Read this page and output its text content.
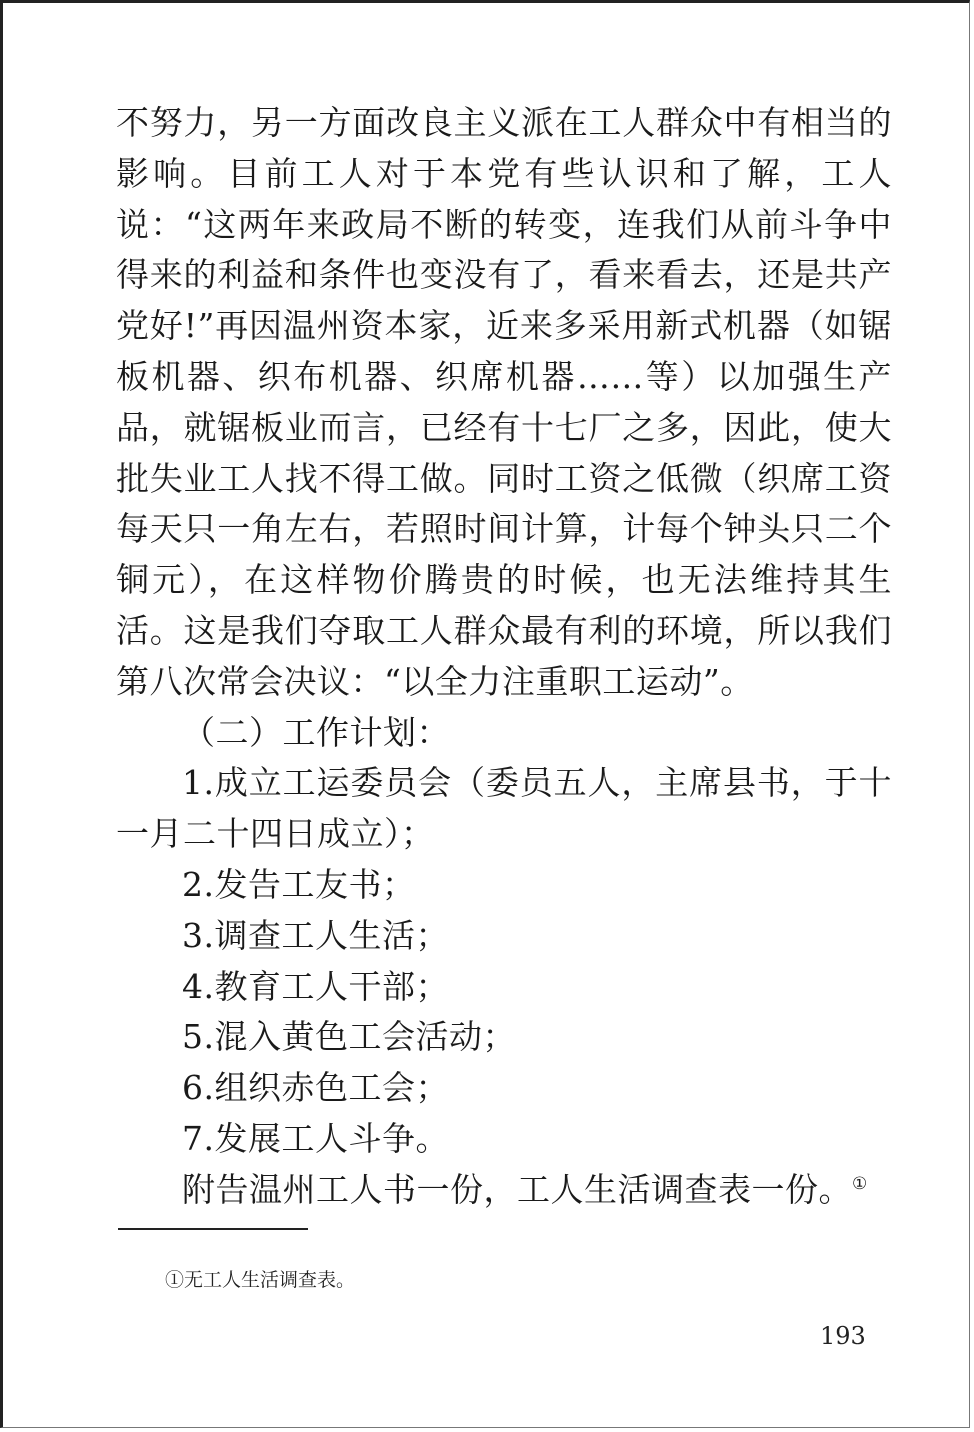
不努力，另一方面改良主义派在工人群众中有相当的影响。目前工人对于本党有些认识和了解，工人说：“这两年来政局不断的转变，连我们从前斗争中得来的利益和条件也变没有了，看来看去，还是共产党好!”再因温州资本家，近来多采用新式机器（如锯板机器、织布机器、织席机器……等）以加强生产品，就锯板业而言，已经有十七厂之多，因此，使大批失业工人找不得工做。同时工资之低微（织席工资每天只一角左右，若照时间计算，计每个钟头只二个铜元），在这样物价腾贵的时候，也无法维持其生活。这是我们夺取工人群众最有利的环境，所以我们第八次常会决议：“以全力注重职工运动”。

（二）工作计划：

1.成立工运委员会（委员五人，主席县书，于十一月二十四日成立）；

2.发告工友书；
3.调查工人生活；
4.教育工人干部；
5.混入黄色工会活动；
6.组织赤色工会；
7.发展工人斗争。

附告温州工人书一份，工人生活调查表一份。①

①无工人生活调查表。
193
